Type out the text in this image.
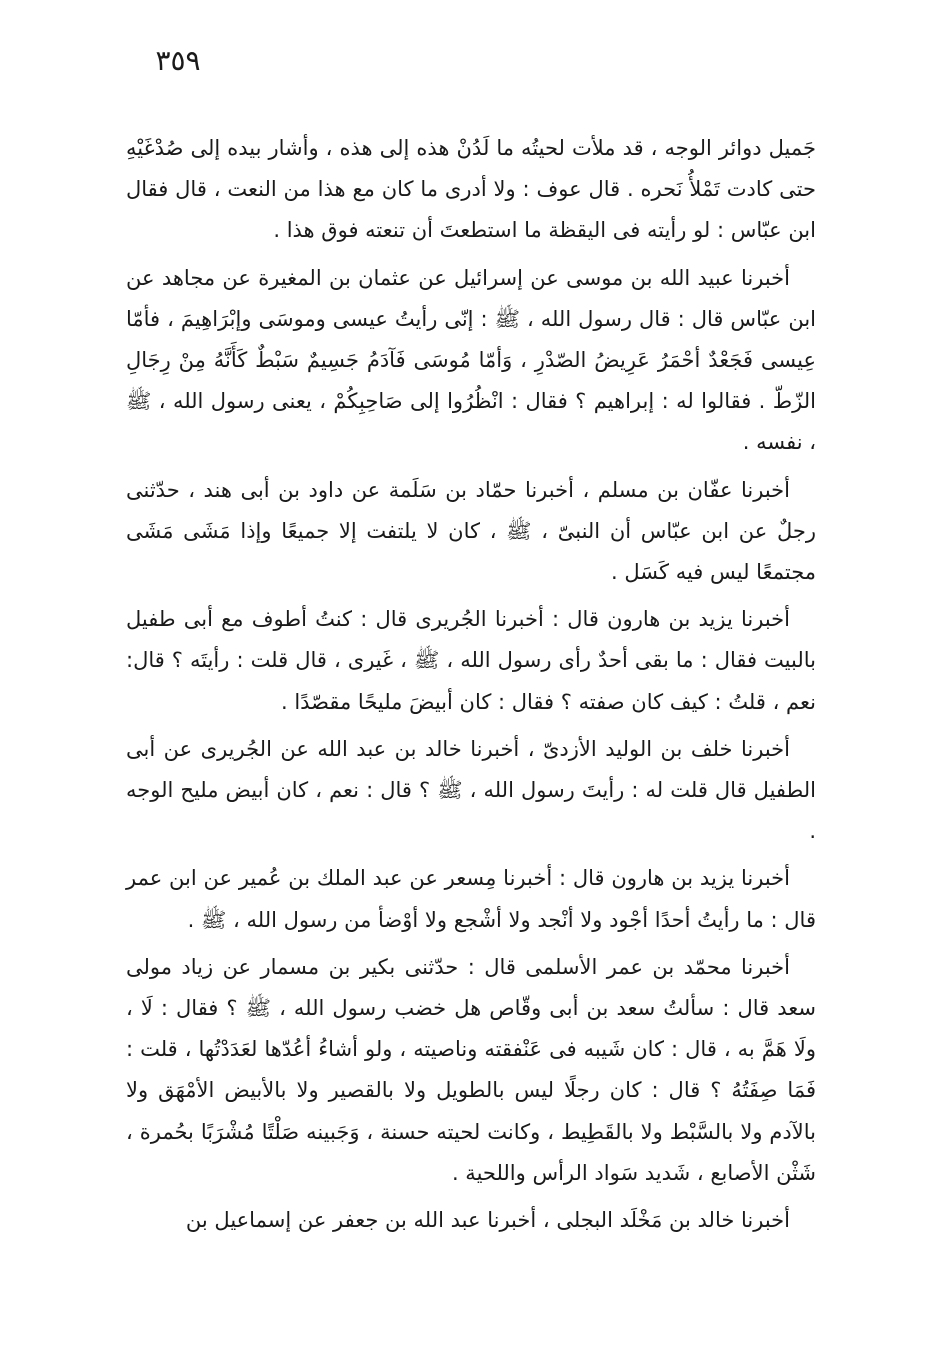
٣٥٩

جَميل دوائر الوجه ، قد ملأت لحيتُه ما لَدُنْ هذه إلى هذه ، وأشار بيده إلى صُدْغَيْهِ حتى كادت تَمْلأُ نَحره . قال عوف : ولا أدرى ما كان مع هذا من النعت ، قال فقال ابن عبّاس : لو رأيته فى اليقظة ما استطعتَ أن تنعته فوق هذا .

أخبرنا عبيد الله بن موسى عن إسرائيل عن عثمان بن المغيرة عن مجاهد عن ابن عبّاس قال : قال رسول الله ، ﷺ : إنّى رأيتُ عيسى وموسَى وإبْرَاهِيمَ ، فأمّا عِيسى فَجَعْدٌ أحْمَرُ عَرِيضُ الصّدْرِ ، وَأمّا مُوسَى فَآدَمُ جَسِيمٌ سَبْطٌ كَأَنَّهُ مِنْ رِجَالِ الزّطّ . فقالوا له : إبراهيم ؟ فقال : انْظُرُوا إلى صَاحِبِكُمْ ، يعنى رسول الله ، ﷺ ، نفسه .

أخبرنا عفّان بن مسلم ، أخبرنا حمّاد بن سَلَمة عن داود بن أبى هند ، حدّثنى رجلٌ عن ابن عبّاس أن النبىّ ، ﷺ ، كان لا يلتفت إلا جميعًا وإذا مَشَى مَشَى مجتمعًا ليس فيه كَسَل .

أخبرنا يزيد بن هارون قال : أخبرنا الجُريرى قال : كنتُ أطوف مع أبى طفيل بالبيت فقال : ما بقى أحدٌ رأى رسول الله ، ﷺ ، غَيرى ، قال قلت : رأيتَه ؟ قال: نعم ، قلتُ : كيف كان صفته ؟ فقال : كان أبيضَ مليحًا مقصّدًا .

أخبرنا خلف بن الوليد الأزدىّ ، أخبرنا خالد بن عبد الله عن الجُريرى عن أبى الطفيل قال قلت له : رأيتَ رسول الله ، ﷺ ؟ قال : نعم ، كان أبيض مليح الوجه .

أخبرنا يزيد بن هارون قال : أخبرنا مِسعر عن عبد الملك بن عُمير عن ابن عمر قال : ما رأيتُ أحدًا أجْود ولا أنْجد ولا أشْجع ولا أوْضأ من رسول الله ، ﷺ .

أخبرنا محمّد بن عمر الأسلمى قال : حدّثنى بكير بن مسمار عن زياد مولى سعد قال : سألتُ سعد بن أبى وقّاص هل خضب رسول الله ، ﷺ ؟ فقال : لَا ، ولَا هَمَّ به ، قال : كان شَيبه فى عَنْفقته وناصيته ، ولو أشاءُ أعُدّها لعَدَدْتُها ، قلت : فَمَا صِفَتُهُ ؟ قال : كان رجلًا ليس بالطويل ولا بالقصير ولا بالأبيض الأمْهَق ولا بالآدم ولا بالسَّبْط ولا بالقَطِيط ، وكانت لحيته حسنة ، وَجَبينه صَلْتًا مُشْرَبًا بحُمرة ، شَثْن الأصابع ، شَديد سَواد الرأس واللحية .

أخبرنا خالد بن مَخْلَد البجلى ، أخبرنا عبد الله بن جعفر عن إسماعيل بن
